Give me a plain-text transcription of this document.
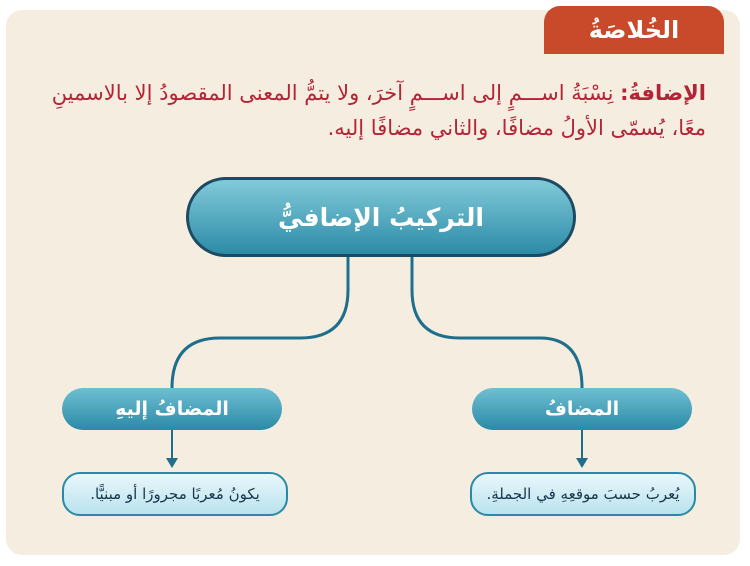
الخُلاصَةُ
الإضافةُ: نِسْبَةُ اســـمٍ إلى اســـمٍ آخرَ، ولا يتمُّ المعنى المقصودُ إلا بالاسمينِ معًا، يُسمّى الأولُ مضافًا، والثاني مضافًا إليه.
التركيبُ الإضافيُّ
المضافُ
المضافُ إليهِ
يُعربُ حسبَ موقعِهِ في الجملةِ.
يكونُ مُعربًا مجرورًا أو مبنيًّا.
